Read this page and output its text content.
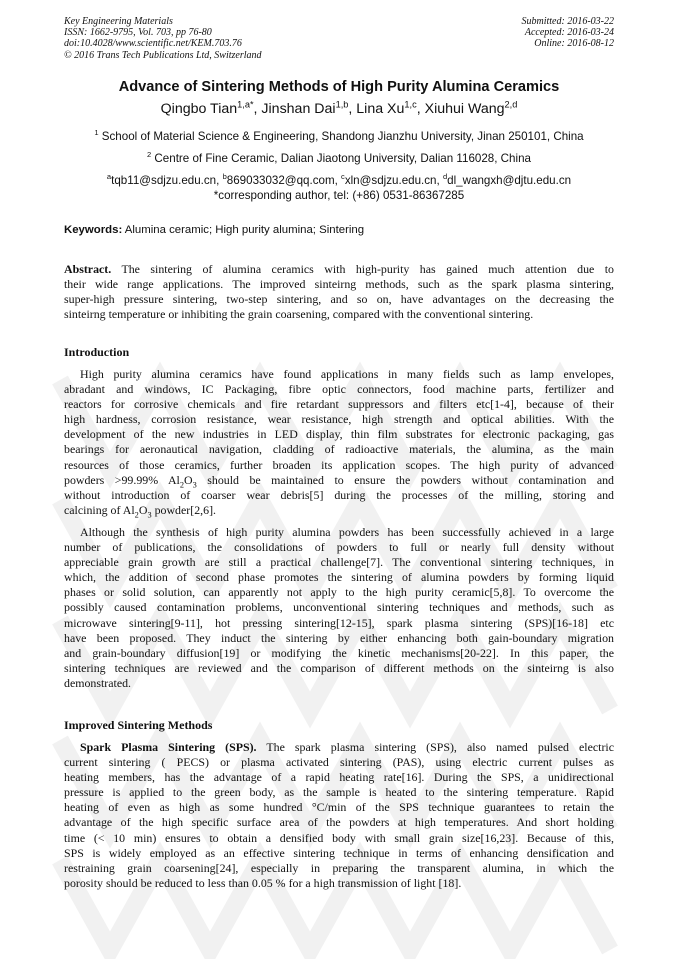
Key Engineering Materials
ISSN: 1662-9795, Vol. 703, pp 76-80
doi:10.4028/www.scientific.net/KEM.703.76
© 2016 Trans Tech Publications Ltd, Switzerland
Submitted: 2016-03-22
Accepted: 2016-03-24
Online: 2016-08-12
Advance of Sintering Methods of High Purity Alumina Ceramics
Qingbo Tian$^{1,a*}$, Jinshan Dai$^{1,b}$, Lina Xu$^{1,c}$, Xiuhui Wang$^{2,d}$
$^1$ School of Material Science & Engineering, Shandong Jianzhu University, Jinan 250101, China
$^2$ Centre of Fine Ceramic, Dalian Jiaotong University, Dalian 116028, China
$^a$tqb11@sdjzu.edu.cn, $^b$869033032@qq.com, $^c$xln@sdjzu.edu.cn, $^d$dl_wangxh@djtu.edu.cn
*corresponding author, tel: (+86) 0531-86367285
Keywords: Alumina ceramic; High purity alumina; Sintering
Abstract. The sintering of alumina ceramics with high-purity has gained much attention due to
their wide range applications. The improved sinteirng methods, such as the spark plasma sintering,
super-high pressure sintering, two-step sintering, and so on, have advantages on the decreasing the
sinteirng temperature or inhibiting the grain coarsening, compared with the conventional sintering.
Introduction
High purity alumina ceramics have found applications in many fields such as lamp envelopes,
abradant and windows, IC Packaging, fibre optic connectors, food machine parts, fertilizer and
reactors for corrosive chemicals and fire retardant suppressors and filters etc[1-4], because of their
high hardness, corrosion resistance, wear resistance, high strength and optical abilities. With the
development of the new industries in LED display, thin film substrates for electronic packaging, gas
bearings for aeronautical navigation, cladding of radioactive materials, the alumina, as the main
resources of those ceramics, further broaden its application scopes. The high purity of advanced
powders >99.99% $Al_2O_3$ should be maintained to ensure the powders without contamination and
without introduction of coarser wear debris[5] during the processes of the milling, storing and
calcining of $Al_2O_3$ powder[2,6].
Although the synthesis of high purity alumina powders has been successfully achieved in a large
number of publications, the consolidations of powders to full or nearly full density without
appreciable grain growth are still a practical challenge[7]. The conventional sintering techniques, in
which, the addition of second phase promotes the sintering of alumina powders by forming liquid
phases or solid solution, can apparently not apply to the high purity ceramic[5,8]. To overcome the
possibly caused contamination problems, unconventional sintering techniques and methods, such as
microwave sintering[9-11], hot pressing sintering[12-15], spark plasma sintering (SPS)[16-18] etc
have been proposed. They induct the sintering by either enhancing both gain-boundary migration
and grain-boundary diffusion[19] or modifying the kinetic mechanisms[20-22]. In this paper, the
sintering techniques are reviewed and the comparison of different methods on the sinteirng is also
demonstrated.
Improved Sintering Methods
Spark Plasma Sintering (SPS). The spark plasma sintering (SPS), also named pulsed electric
current sintering ( PECS) or plasma activated sintering (PAS), using electric current pulses as
heating members, has the advantage of a rapid heating rate[16]. During the SPS, a unidirectional
pressure is applied to the green body, as the sample is heated to the sintering temperature. Rapid
heating of even as high as some hundred °C/min of the SPS technique guarantees to retain the
advantage of the high specific surface area of the powders at high temperatures. And short holding
time (< 10 min) ensures to obtain a densified body with small grain size[16,23]. Because of this,
SPS is widely employed as an effective sintering technique in terms of enhancing densification and
restraining grain coarsening[24], especially in preparing the transparent alumina, in which the
porosity should be reduced to less than 0.05 % for a high transmission of light [18].
